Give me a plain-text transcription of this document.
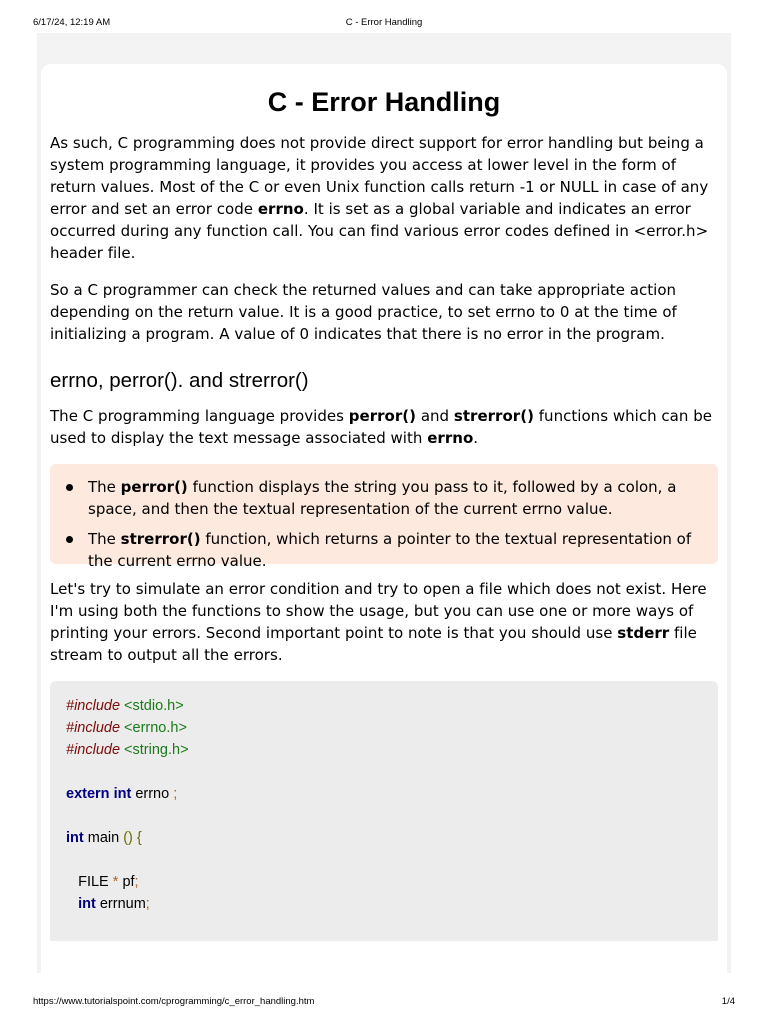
6/17/24, 12:19 AM	C - Error Handling
C - Error Handling

As such, C programming does not provide direct support for error handling but being a system programming language, it provides you access at lower level in the form of return values. Most of the C or even Unix function calls return -1 or NULL in case of any error and set an error code errno. It is set as a global variable and indicates an error occurred during any function call. You can find various error codes defined in <error.h> header file.

So a C programmer can check the returned values and can take appropriate action depending on the return value. It is a good practice, to set errno to 0 at the time of initializing a program. A value of 0 indicates that there is no error in the program.

errno, perror(). and strerror()

The C programming language provides perror() and strerror() functions which can be used to display the text message associated with errno.

The perror() function displays the string you pass to it, followed by a colon, a space, and then the textual representation of the current errno value.
The strerror() function, which returns a pointer to the textual representation of the current errno value.

Let's try to simulate an error condition and try to open a file which does not exist. Here I'm using both the functions to show the usage, but you can use one or more ways of printing your errors. Second important point to note is that you should use stderr file stream to output all the errors.

#include <stdio.h>
#include <errno.h>
#include <string.h>
extern int errno ;
int main () {
FILE * pf;
int errnum;
https://www.tutorialspoint.com/cprogramming/c_error_handling.htm	1/4
